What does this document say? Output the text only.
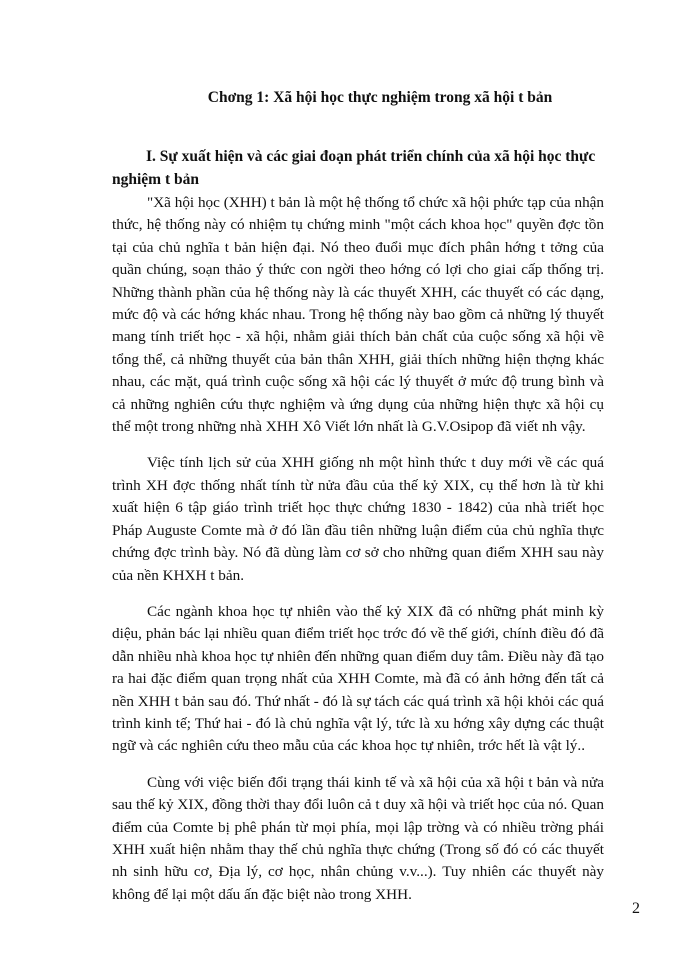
Chơng 1: Xã hội học thực nghiệm trong xã hội t bản
I. Sự xuất hiện và các giai đoạn phát triển chính của xã hội học thực
nghiệm t bản

"Xã hội học (XHH) t bản là một hệ thống tổ chức xã hội phức tạp của nhận thức, hệ thống này có nhiệm tụ chứng minh "một cách khoa học" quyền đợc tồn tại của chủ nghĩa t bản hiện đại. Nó theo đuổi mục đích phân hớng t tởng của quần chúng, soạn thảo ý thức con ngời theo hớng có lợi cho giai cấp thống trị. Những thành phần của hệ thống này là các thuyết XHH, các thuyết có các dạng, mức độ và các hớng khác nhau. Trong hệ thống này bao gồm cả những lý thuyết mang tính triết học - xã hội, nhằm giải thích bản chất của cuộc sống xã hội về tổng thể, cả những thuyết của bản thân XHH, giải thích những hiện thợng khác nhau, các mặt, quá trình cuộc sống xã hội các lý thuyết ở mức độ trung bình và cả những nghiên cứu thực nghiệm và ứng dụng của những hiện thực xã hội cụ thể một trong những nhà XHH Xô Viết lớn nhất là G.V.Osipop đã viết nh vậy.

Việc tính lịch sử của XHH giống nh một hình thức t duy mới về các quá trình XH đợc thống nhất tính từ nửa đầu của thế kỷ XIX, cụ thể hơn là từ khi xuất hiện 6 tập giáo trình triết học thực chứng 1830 - 1842) của nhà triết học Pháp Auguste Comte mà ở đó lần đầu tiên những luận điểm của chủ nghĩa thực chứng đợc trình bày. Nó đã dùng làm cơ sở cho những quan điểm XHH sau này của nền KHXH t bản.

Các ngành khoa học tự nhiên vào thế kỷ XIX đã có những phát minh kỳ diệu, phản bác lại nhiều quan điểm triết học trớc đó về thế giới, chính điều đó đã dẫn nhiều nhà khoa học tự nhiên đến những quan điểm duy tâm. Điều này đã tạo ra hai đặc điểm quan trọng nhất của XHH Comte, mà đã có ảnh hởng đến tất cả nền XHH t bản sau đó. Thứ nhất - đó là sự tách các quá trình xã hội khỏi các quá trình kinh tế; Thứ hai - đó là chủ nghĩa vật lý, tức là xu hớng xây dựng các thuật ngữ và các nghiên cứu theo mẫu của các khoa học tự nhiên, trớc hết là vật lý..

Cùng với việc biến đổi trạng thái kinh tế và xã hội của xã hội t bản và nửa sau thế kỷ XIX, đồng thời thay đổi luôn cả t duy xã hội và triết học của nó. Quan điểm của Comte bị phê phán từ mọi phía, mọi lập trờng và có nhiều trờng phái XHH xuất hiện nhằm thay thế chủ nghĩa thực chứng (Trong số đó có các thuyết nh sinh hữu cơ, Địa lý, cơ học, nhân chủng v.v...). Tuy nhiên các thuyết này không để lại một dấu ấn đặc biệt nào trong XHH.

2
